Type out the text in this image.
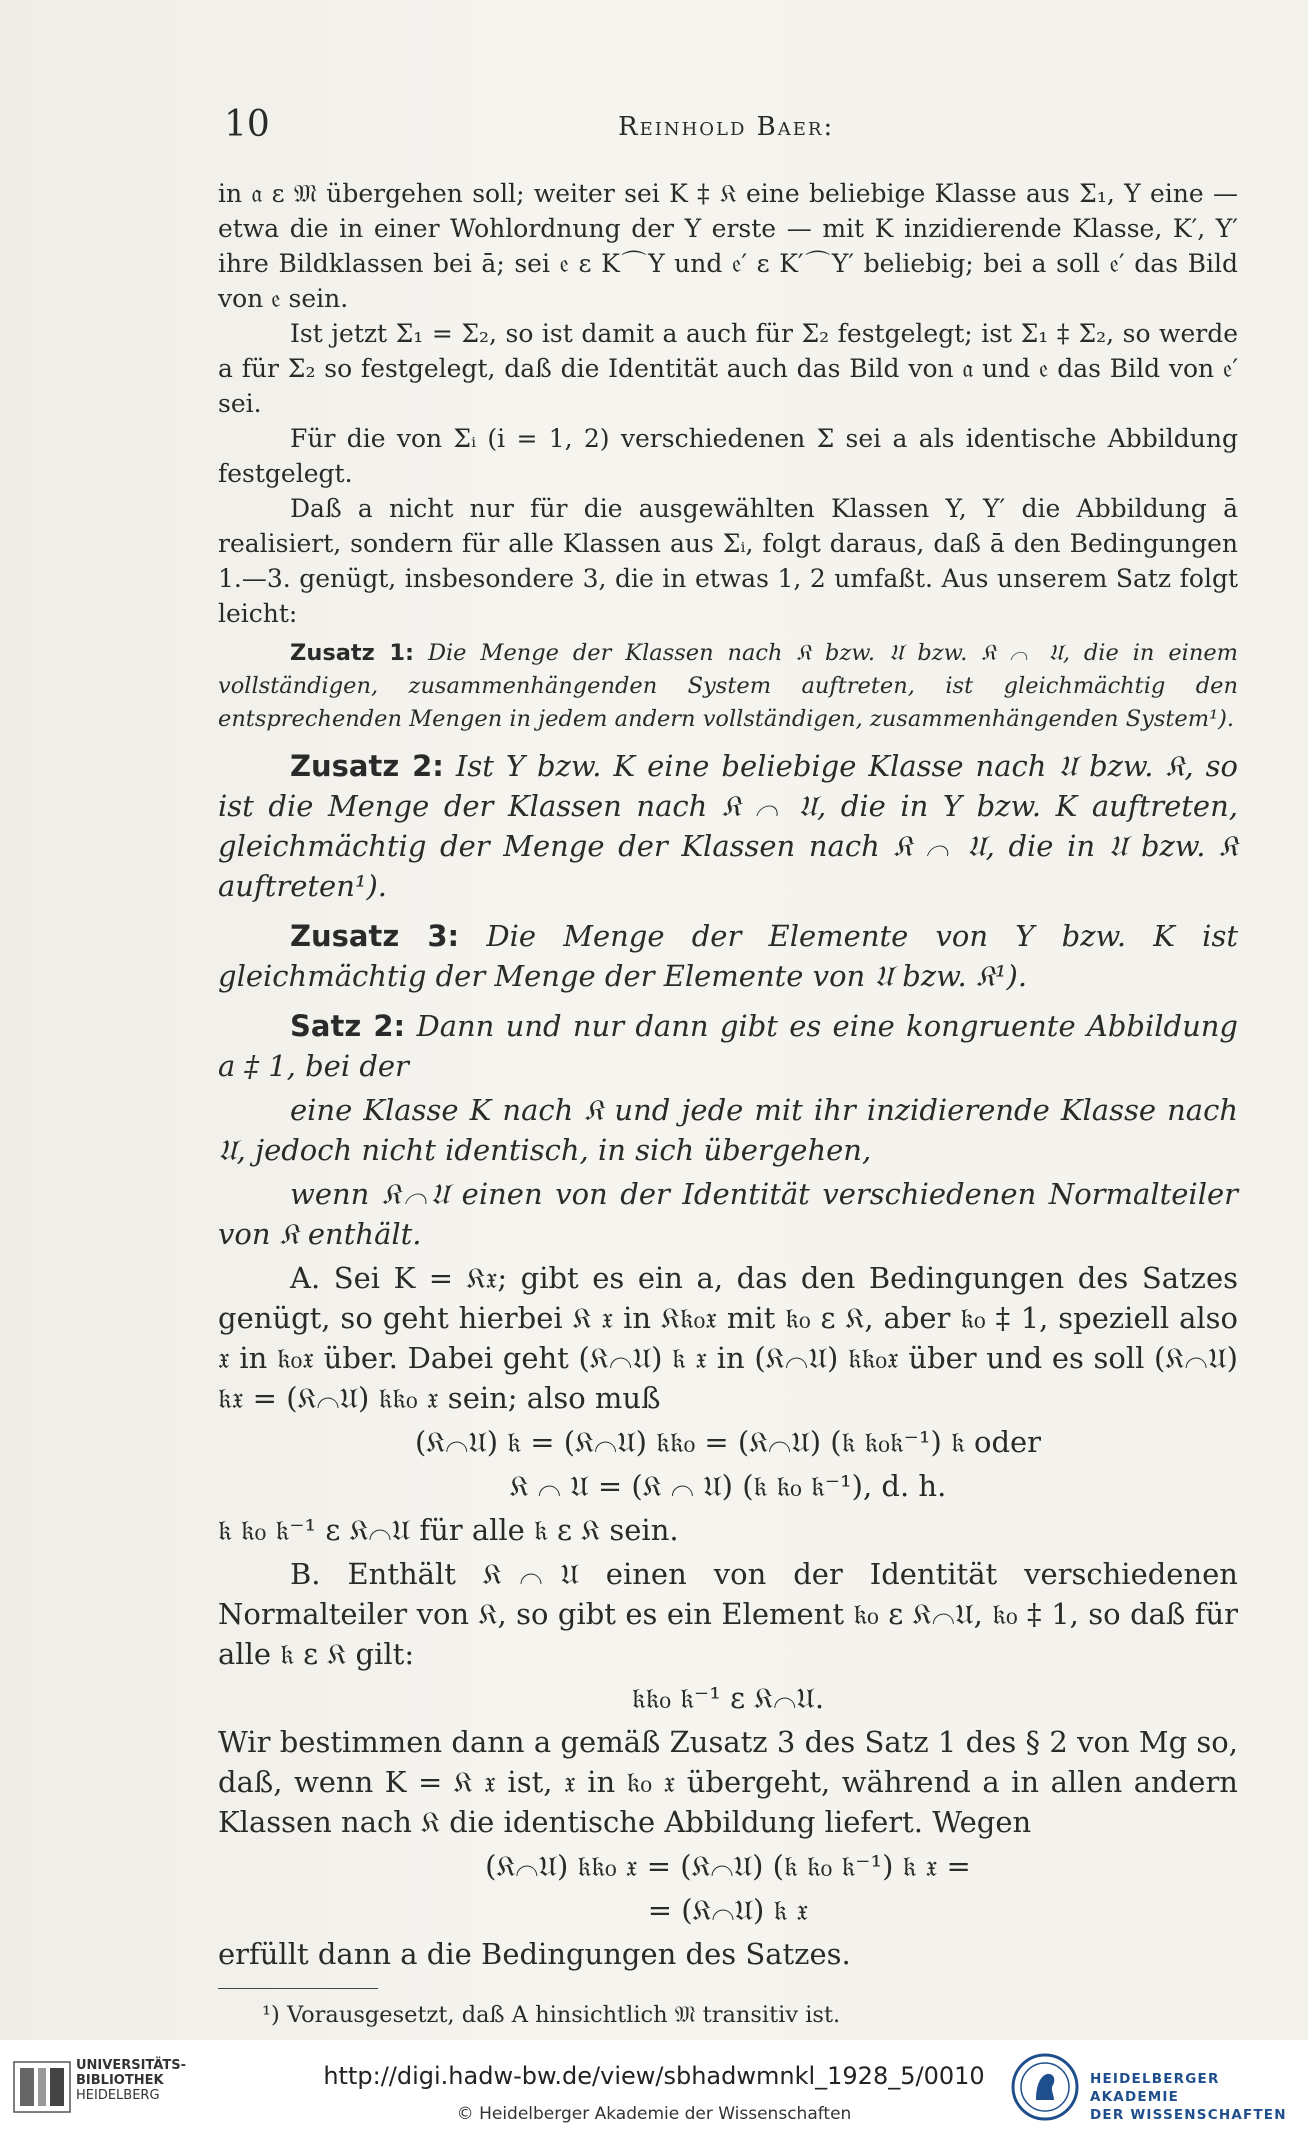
10	Reinhold Baer:

in 𝔞 ε 𝔐 übergehen soll; weiter sei K ‡ 𝔎 eine beliebige Klasse aus Σ₁, Y eine — etwa die in einer Wohlordnung der Y erste — mit K inzidierende Klasse, K′, Y′ ihre Bildklassen bei ā; sei 𝔢 ε K⌒Y und 𝔢′ ε K′⌒Y′ beliebig; bei a soll 𝔢′ das Bild von 𝔢 sein.

Ist jetzt Σ₁ = Σ₂, so ist damit a auch für Σ₂ festgelegt; ist Σ₁ ‡ Σ₂, so werde a für Σ₂ so festgelegt, daß die Identität auch das Bild von 𝔞 und 𝔢 das Bild von 𝔢′ sei.

Für die von Σᵢ (i = 1, 2) verschiedenen Σ sei a als identische Abbildung festgelegt.

Daß a nicht nur für die ausgewählten Klassen Y, Y′ die Abbildung ā realisiert, sondern für alle Klassen aus Σᵢ, folgt daraus, daß ā den Bedingungen 1.—3. genügt, insbesondere 3, die in etwas 1, 2 umfaßt. Aus unserem Satz folgt leicht:

Zusatz 1: Die Menge der Klassen nach 𝔎 bzw. 𝔘 bzw. 𝔎 ⌒ 𝔘, die in einem vollständigen, zusammenhängenden System auftreten, ist gleichmächtig den entsprechenden Mengen in jedem andern vollständigen, zusammenhängenden System¹).

Zusatz 2: Ist Y bzw. K eine beliebige Klasse nach 𝔘 bzw. 𝔎, so ist die Menge der Klassen nach 𝔎 ⌒ 𝔘, die in Y bzw. K auftreten, gleichmächtig der Menge der Klassen nach 𝔎 ⌒ 𝔘, die in 𝔘 bzw. 𝔎 auftreten¹).

Zusatz 3: Die Menge der Elemente von Y bzw. K ist gleichmächtig der Menge der Elemente von 𝔘 bzw. 𝔎¹).

Satz 2: Dann und nur dann gibt es eine kongruente Abbildung a ‡ 1, bei der

eine Klasse K nach 𝔎 und jede mit ihr inzidierende Klasse nach 𝔘, jedoch nicht identisch, in sich übergehen,

wenn 𝔎⌒𝔘 einen von der Identität verschiedenen Normalteiler von 𝔎 enthält.

A. Sei K = 𝔎𝔵; gibt es ein a, das den Bedingungen des Satzes genügt, so geht hierbei 𝔎 𝔵 in 𝔎𝔨₀𝔵 mit 𝔨₀ ε 𝔎, aber 𝔨₀ ‡ 1, speziell also 𝔵 in 𝔨₀𝔵 über. Dabei geht (𝔎⌒𝔘) 𝔨 𝔵 in (𝔎⌒𝔘) 𝔨𝔨₀𝔵 über und es soll (𝔎⌒𝔘) 𝔨𝔵 = (𝔎⌒𝔘) 𝔨𝔨₀ 𝔵 sein; also muß

(𝔎⌒𝔘) 𝔨 = (𝔎⌒𝔘) 𝔨𝔨₀ = (𝔎⌒𝔘) (𝔨 𝔨₀𝔨⁻¹) 𝔨 oder

𝔎 ⌒ 𝔘 = (𝔎 ⌒ 𝔘) (𝔨 𝔨₀ 𝔨⁻¹), d. h.

𝔨 𝔨₀ 𝔨⁻¹ ε 𝔎⌒𝔘 für alle 𝔨 ε 𝔎 sein.

B. Enthält 𝔎⌒𝔘 einen von der Identität verschiedenen Normalteiler von 𝔎, so gibt es ein Element 𝔨₀ ε 𝔎⌒𝔘, 𝔨₀ ‡ 1, so daß für alle 𝔨 ε 𝔎 gilt:

𝔨𝔨₀ 𝔨⁻¹ ε 𝔎⌒𝔘.

Wir bestimmen dann a gemäß Zusatz 3 des Satz 1 des § 2 von Mg so, daß, wenn K = 𝔎 𝔵 ist, 𝔵 in 𝔨₀ 𝔵 übergeht, während a in allen andern Klassen nach 𝔎 die identische Abbildung liefert. Wegen

(𝔎⌒𝔘) 𝔨𝔨₀ 𝔵 = (𝔎⌒𝔘) (𝔨 𝔨₀ 𝔨⁻¹) 𝔨 𝔵 =

= (𝔎⌒𝔘) 𝔨 𝔵

erfüllt dann a die Bedingungen des Satzes.

¹) Vorausgesetzt, daß A hinsichtlich 𝔐 transitiv ist.

UNIVERSITÄTS-
BIBLIOTHEK
HEIDELBERG
http://digi.hadw-bw.de/view/sbhadwmnkl_1928_5/0010
© Heidelberger Akademie der Wissenschaften
HEIDELBERGER AKADEMIE
DER WISSENSCHAFTEN
